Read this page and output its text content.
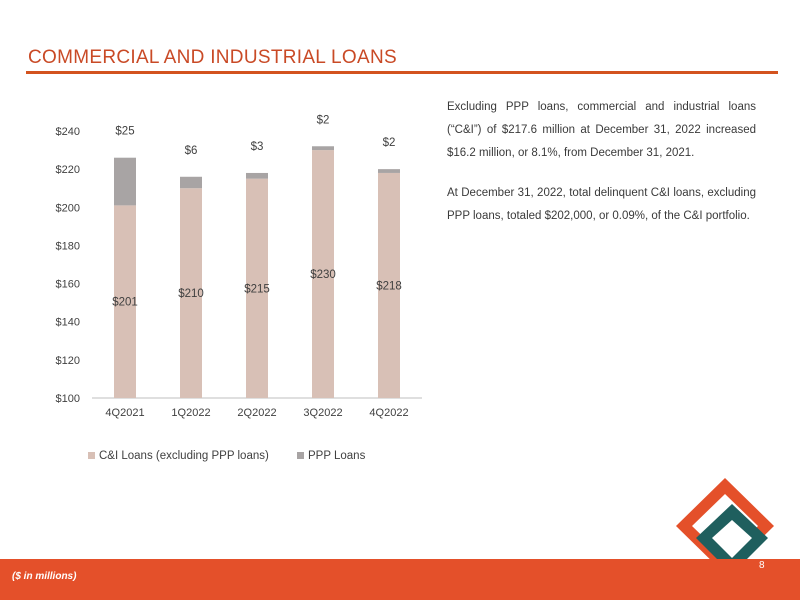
COMMERCIAL AND INDUSTRIAL LOANS
$100
$120
$140
$160
$180
$200
$220
$240
4Q2021 1Q2022 2Q2022 3Q2022 4Q2022
$201
$25
$210
$6
$215
$3
$230
$2
$218
$2
C&I Loans (excluding PPP loans)	PPP Loans

Excluding PPP loans, commercial and industrial loans (“C&I”) of $217.6 million at December 31, 2022 increased $16.2 million, or 8.1%, from December 31, 2021.

At December 31, 2022, total delinquent C&I loans, excluding PPP loans, totaled $202,000, or 0.09%, of the C&I portfolio.

($ in millions)
8
